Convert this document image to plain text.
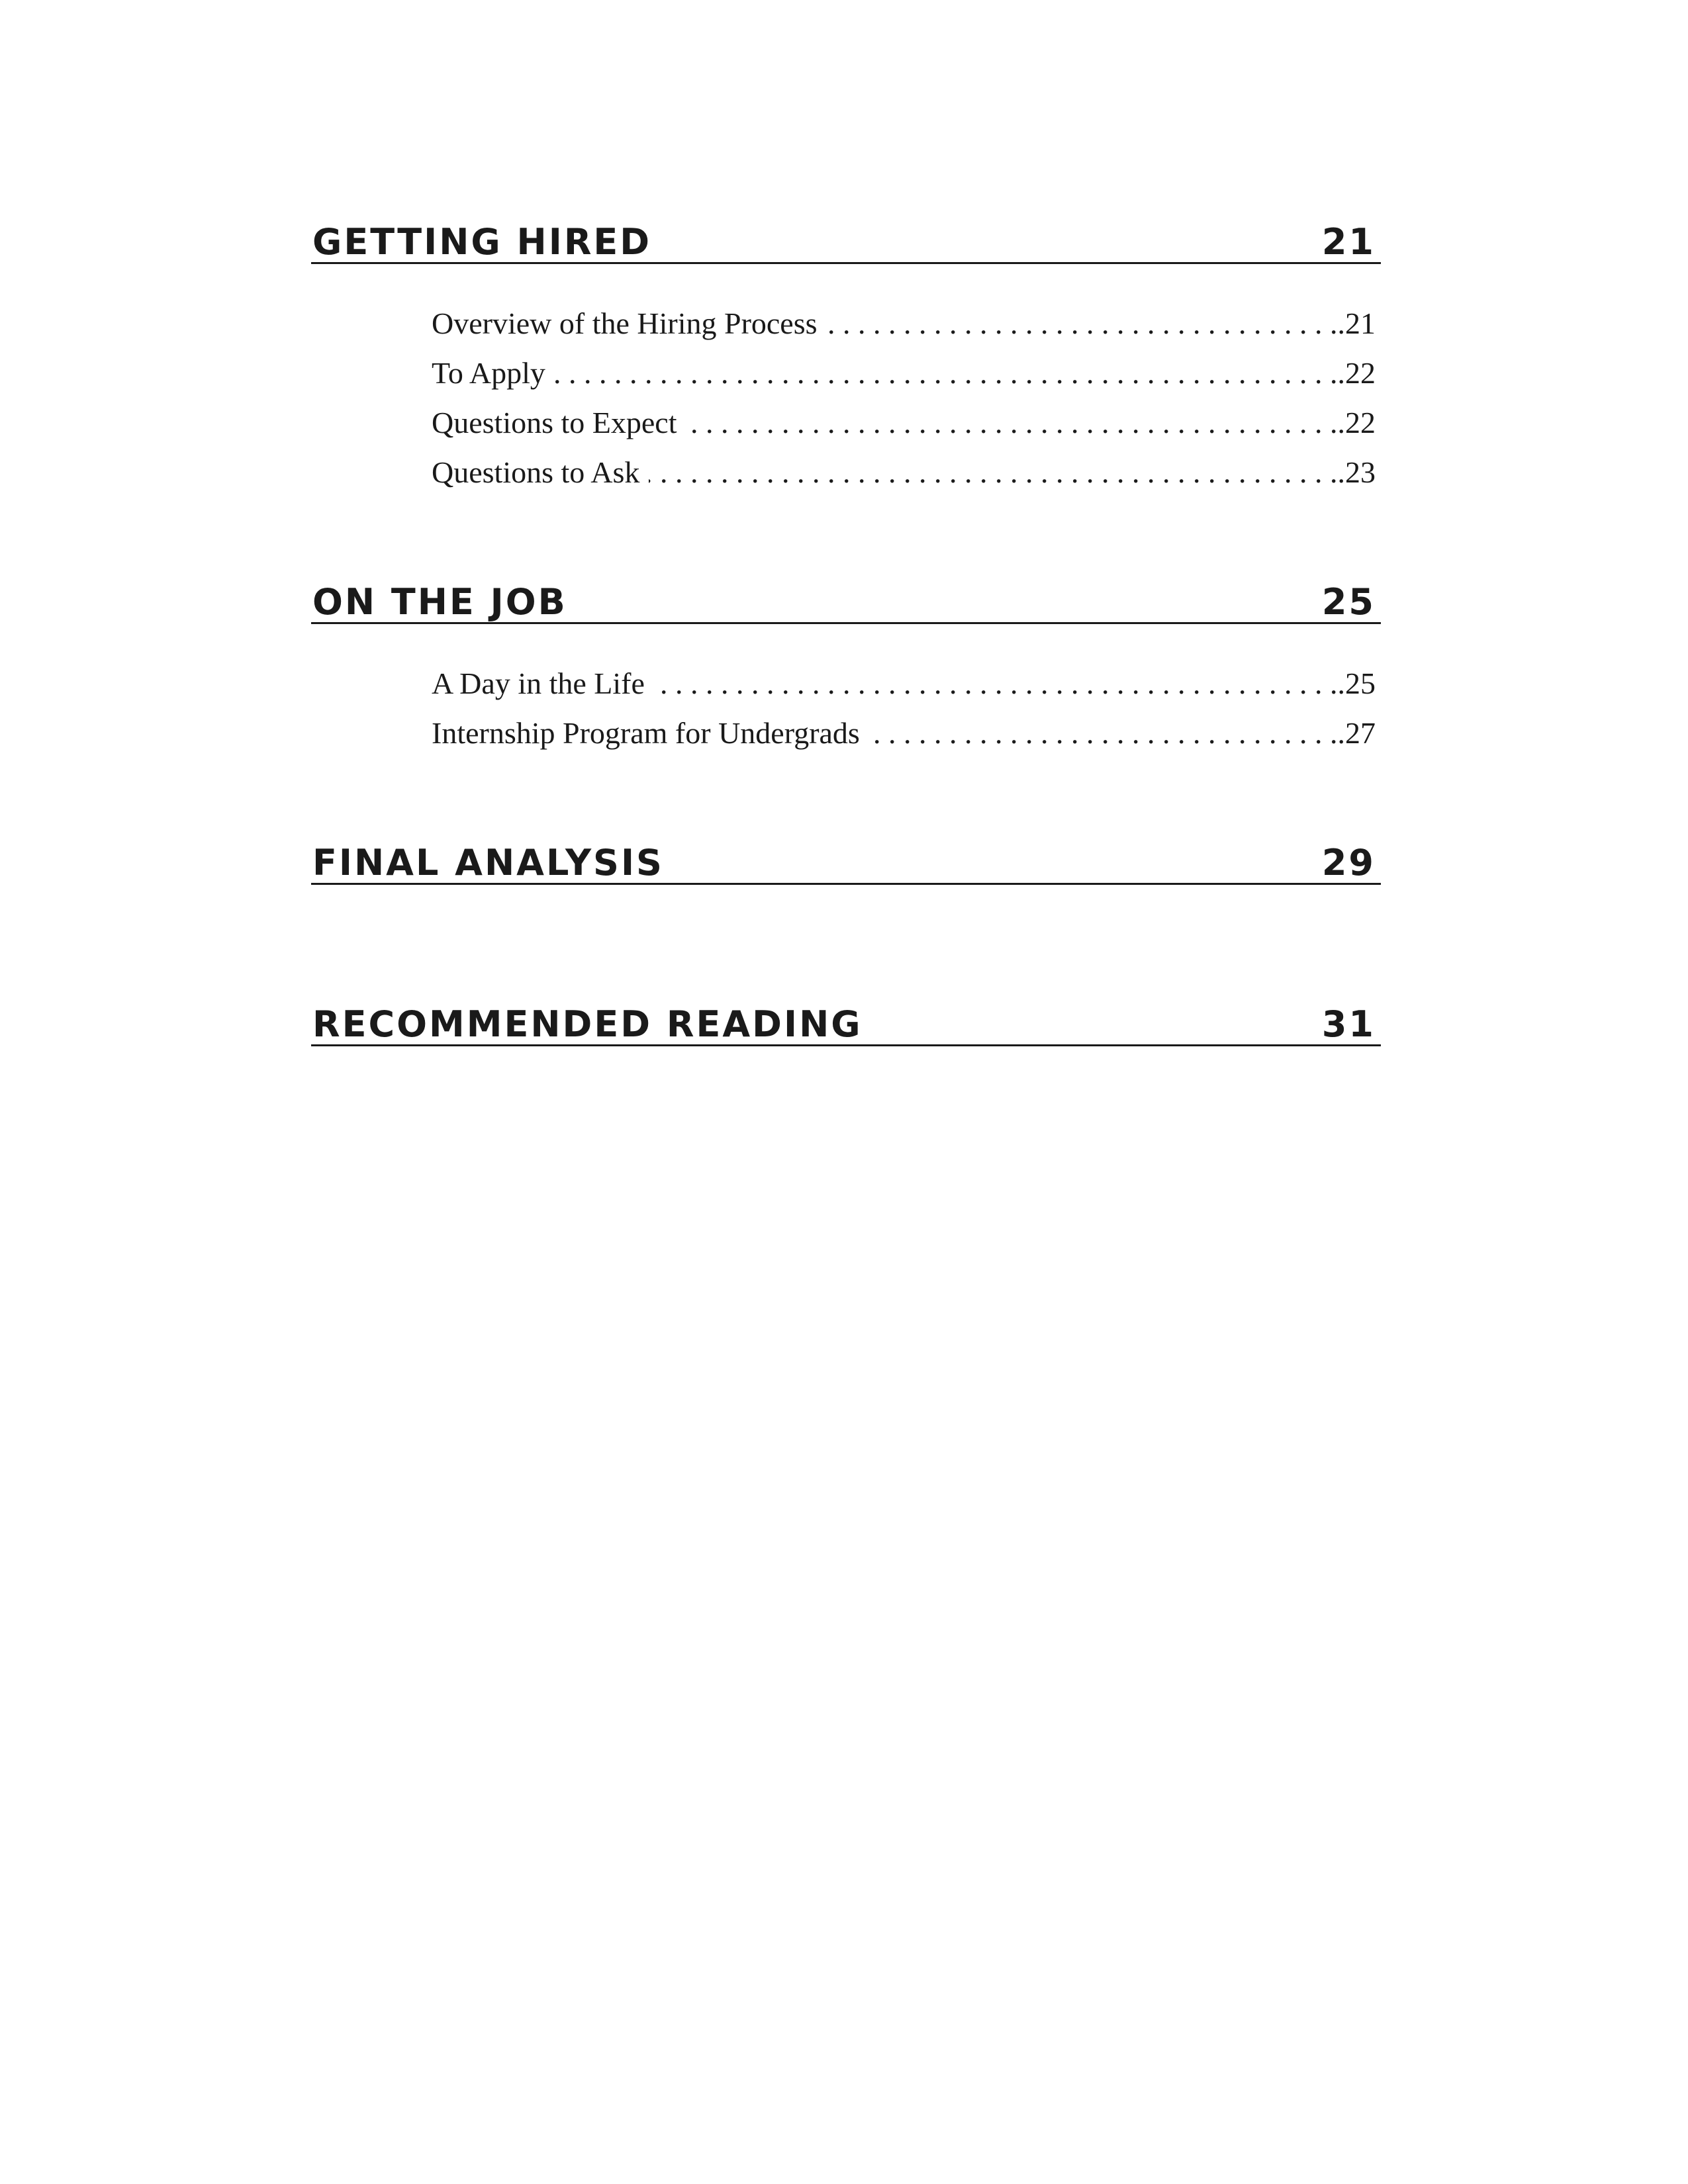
GETTING HIRED	21
Overview of the Hiring Process . . .	.21
To Apply . . .	.22
Questions to Expect . . .	.22
Questions to Ask . . .	.23
ON THE JOB	25
A Day in the Life . . .	.25
Internship Program for Undergrads . . .	.27
FINAL ANALYSIS	29
RECOMMENDED READING	31
